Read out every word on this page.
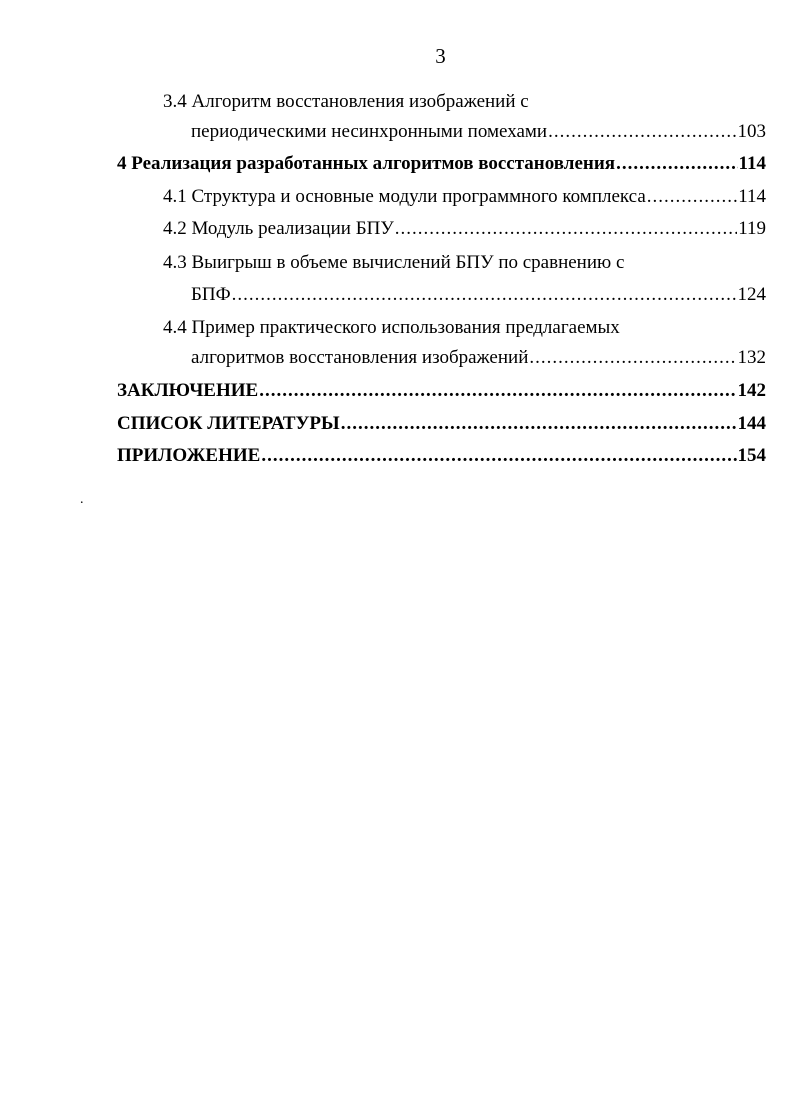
3
3.4 Алгоритм восстановления изображений с
периодическими несинхронными помехами .....	103
4 Реализация разработанных алгоритмов восстановления .....	114
4.1 Структура и основные модули программного комплекса .....	114
4.2 Модуль реализации БПУ .....	119
4.3 Выигрыш в объеме вычислений БПУ по сравнению с
БПФ .....	124
4.4 Пример практического использования предлагаемых
алгоритмов восстановления изображений .....	132
ЗАКЛЮЧЕНИЕ .....	142
СПИСОК ЛИТЕРАТУРЫ .....	144
ПРИЛОЖЕНИЕ .....	154
.
